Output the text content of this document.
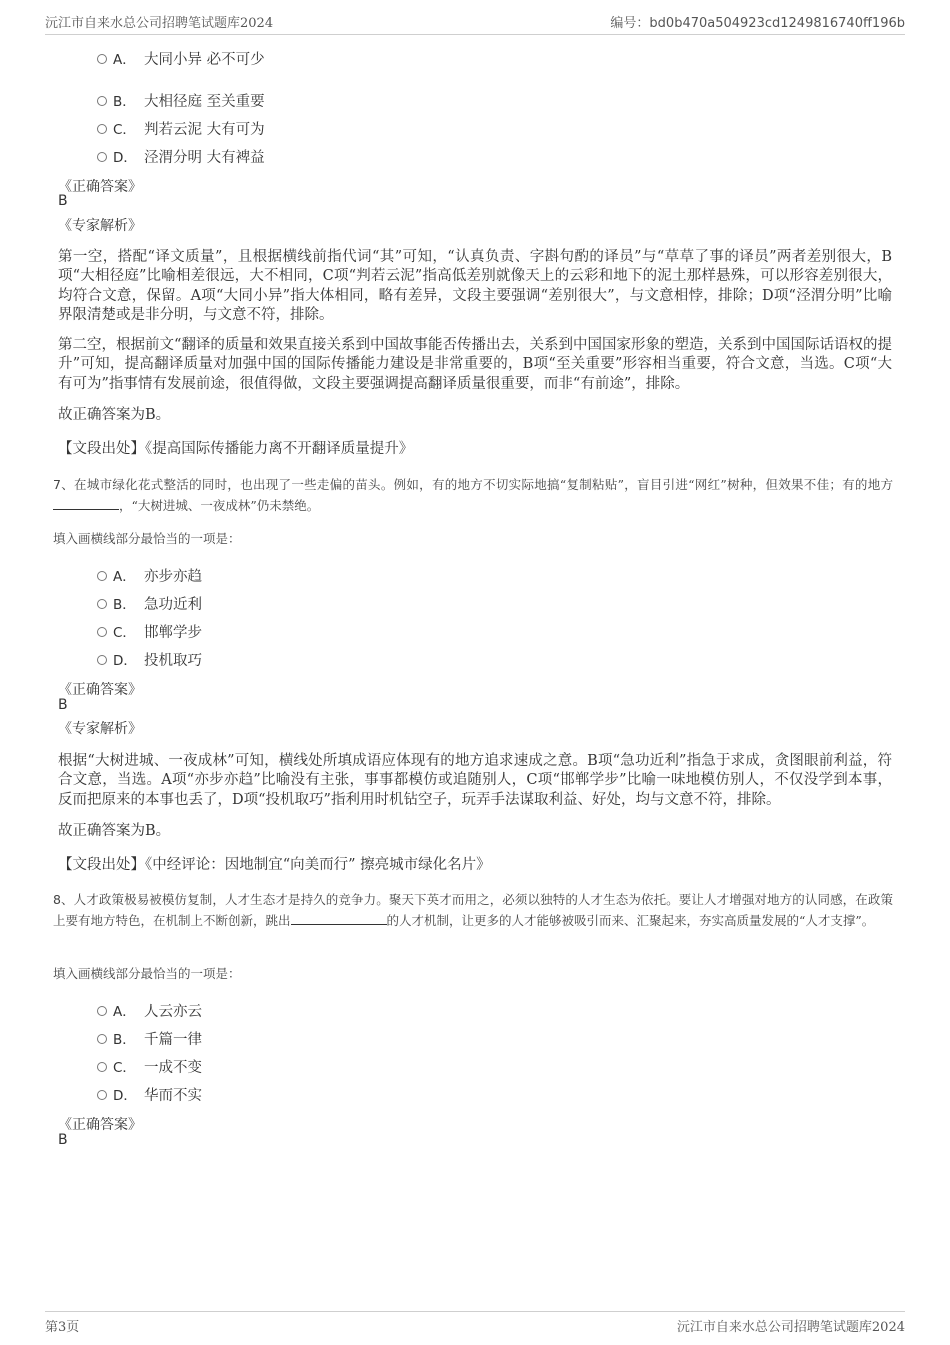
沅江市自来水总公司招聘笔试题库2024	编号：bd0b470a504923cd1249816740ff196b
A． 大同小异 必不可少
B． 大相径庭 至关重要
C． 判若云泥 大有可为
D． 泾渭分明 大有裨益
《正确答案》
B
《专家解析》

第一空，搭配“译文质量”，且根据横线前指代词“其”可知，“认真负责、字斟句酌的译员”与“草草了事的译员”两者差别很大，B项“大相径庭”比喻相差很远，大不相同，C项“判若云泥”指高低差别就像天上的云彩和地下的泥土那样悬殊，可以形容差别很大，均符合文意，保留。A项“大同小异”指大体相同，略有差异，文段主要强调“差别很大”，与文意相悖，排除；D项“泾渭分明”比喻界限清楚或是非分明，与文意不符，排除。

第二空，根据前文“翻译的质量和效果直接关系到中国故事能否传播出去，关系到中国国家形象的塑造，关系到中国国际话语权的提升”可知，提高翻译质量对加强中国的国际传播能力建设是非常重要的，B项“至关重要”形容相当重要，符合文意，当选。C项“大有可为”指事情有发展前途，很值得做，文段主要强调提高翻译质量很重要，而非“有前途”，排除。

故正确答案为B。

【文段出处】《提高国际传播能力离不开翻译质量提升》

7、在城市绿化花式整活的同时，也出现了一些走偏的苗头。例如，有的地方不切实际地搞“复制粘贴”，盲目引进“网红”树种，但效果不佳；有的地方，“大树进城、一夜成林”仍未禁绝。

填入画横线部分最恰当的一项是：
A． 亦步亦趋
B． 急功近利
C． 邯郸学步
D． 投机取巧
《正确答案》
B
《专家解析》

根据“大树进城、一夜成林”可知，横线处所填成语应体现有的地方追求速成之意。B项“急功近利”指急于求成，贪图眼前利益，符合文意，当选。A项“亦步亦趋”比喻没有主张，事事都模仿或追随别人，C项“邯郸学步”比喻一味地模仿别人，不仅没学到本事，反而把原来的本事也丢了，D项“投机取巧”指利用时机钻空子，玩弄手法谋取利益、好处，均与文意不符，排除。

故正确答案为B。

【文段出处】《中经评论：因地制宜“向美而行” 擦亮城市绿化名片》

8、人才政策极易被模仿复制，人才生态才是持久的竞争力。聚天下英才而用之，必须以独特的人才生态为依托。要让人才增强对地方的认同感，在政策上要有地方特色，在机制上不断创新，跳出	的人才机制，让更多的人才能够被吸引而来、汇聚起来，夯实高质量发展的“人才支撑”。

填入画横线部分最恰当的一项是：
A． 人云亦云
B． 千篇一律
C． 一成不变
D． 华而不实
《正确答案》
B
第3页	沅江市自来水总公司招聘笔试题库2024
